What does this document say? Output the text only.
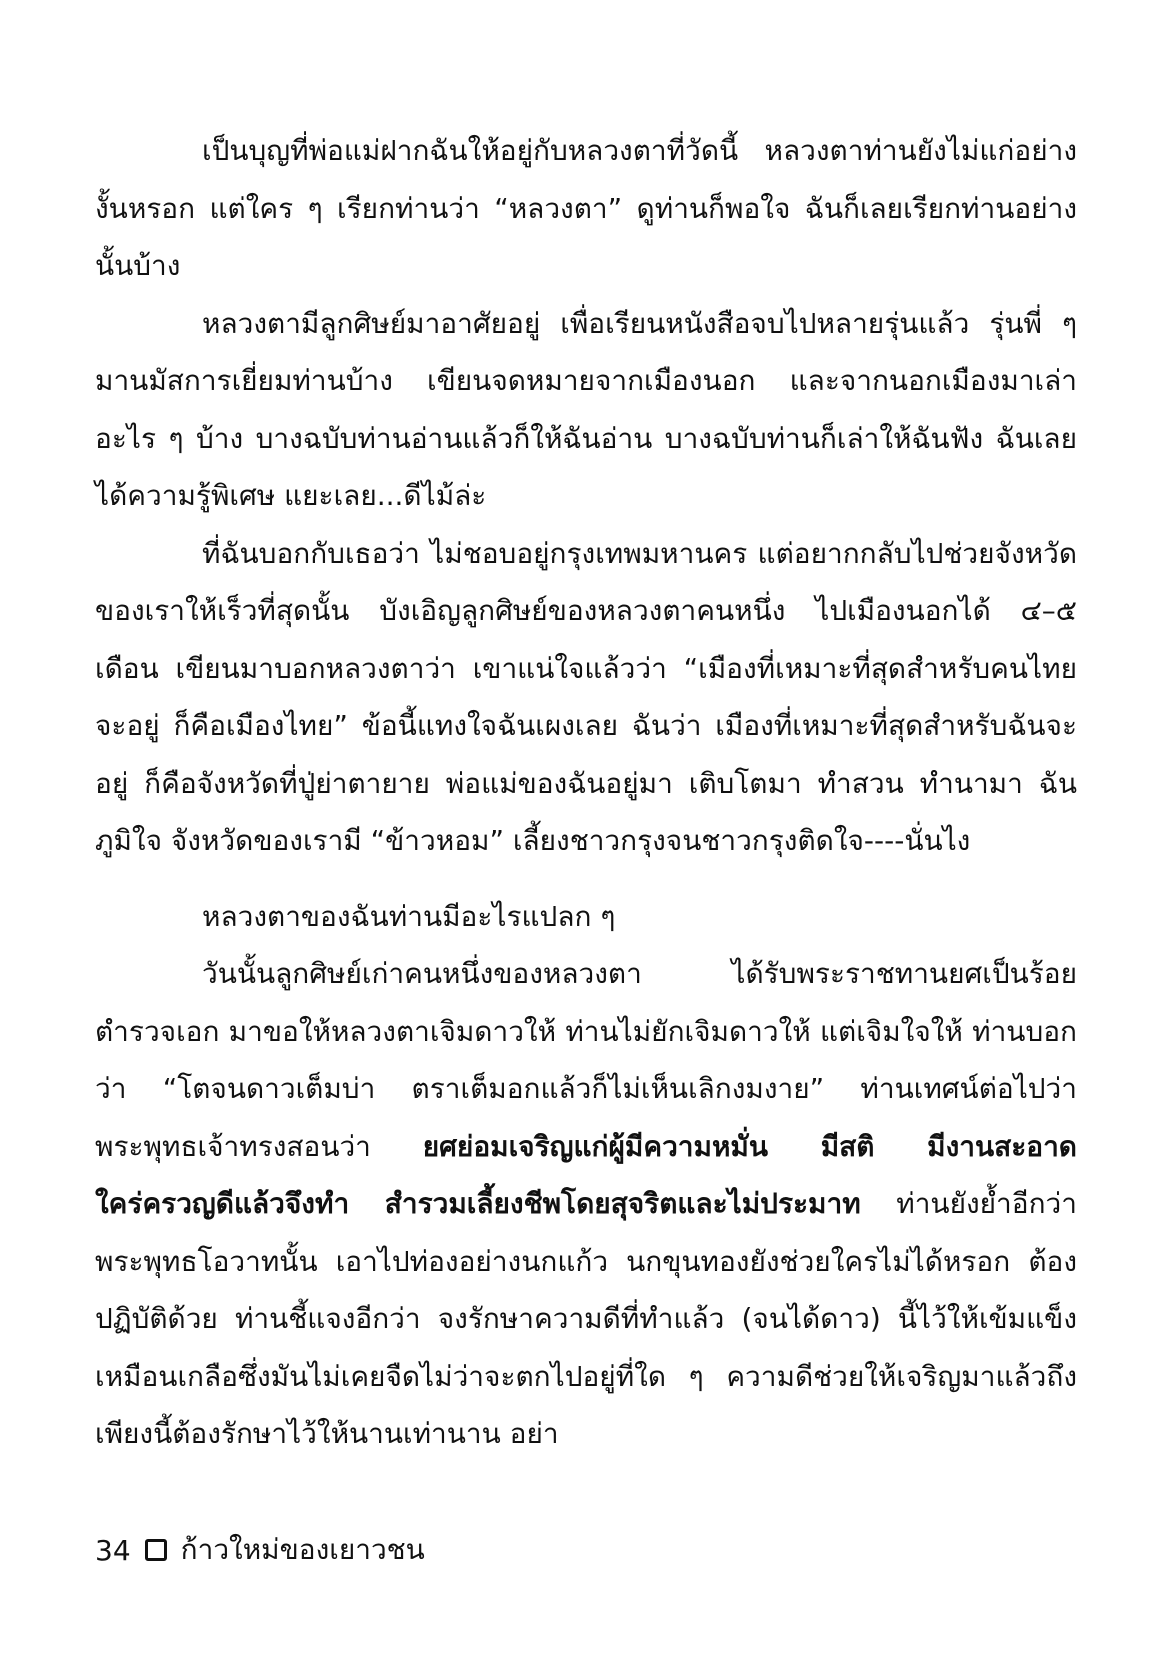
เป็นบุญที่พ่อแม่ฝากฉันให้อยู่กับหลวงตาที่วัดนี้ หลวงตาท่านยังไม่แก่อย่างงั้นหรอก แต่ใคร ๆ เรียกท่านว่า “หลวงตา” ดูท่านก็พอใจ ฉันก็เลยเรียกท่านอย่างนั้นบ้าง

หลวงตามีลูกศิษย์มาอาศัยอยู่ เพื่อเรียนหนังสือจบไปหลายรุ่นแล้ว รุ่นพี่ ๆ มานมัสการเยี่ยมท่านบ้าง เขียนจดหมายจากเมืองนอก และจากนอกเมืองมาเล่าอะไร ๆ บ้าง บางฉบับท่านอ่านแล้วก็ให้ฉันอ่าน บางฉบับท่านก็เล่าให้ฉันฟัง ฉันเลยได้ความรู้พิเศษ แยะเลย...ดีไม้ล่ะ

ที่ฉันบอกกับเธอว่า ไม่ชอบอยู่กรุงเทพมหานคร แต่อยากกลับไปช่วยจังหวัดของเราให้เร็วที่สุดนั้น บังเอิญลูกศิษย์ของหลวงตาคนหนึ่ง ไปเมืองนอกได้ ๔–๕ เดือน เขียนมาบอกหลวงตาว่า เขาแน่ใจแล้วว่า “เมืองที่เหมาะที่สุดสำหรับคนไทยจะอยู่ ก็คือเมืองไทย” ข้อนี้แทงใจฉันเผงเลย ฉันว่า เมืองที่เหมาะที่สุดสำหรับฉันจะอยู่ ก็คือจังหวัดที่ปู่ย่าตายาย พ่อแม่ของฉันอยู่มา เติบโตมา ทำสวน ทำนามา ฉันภูมิใจ จังหวัดของเรามี “ข้าวหอม” เลี้ยงชาวกรุงจนชาวกรุงติดใจ----นั่นไง

หลวงตาของฉันท่านมีอะไรแปลก ๆ

วันนั้นลูกศิษย์เก่าคนหนึ่งของหลวงตา ได้รับพระราชทานยศเป็นร้อยตำรวจเอก มาขอให้หลวงตาเจิมดาวให้ ท่านไม่ยักเจิมดาวให้ แต่เจิมใจให้ ท่านบอกว่า “โตจนดาวเต็มบ่า ตราเต็มอกแล้วก็ไม่เห็นเลิกงมงาย” ท่านเทศน์ต่อไปว่า พระพุทธเจ้าทรงสอนว่า ยศย่อมเจริญแก่ผู้มีความหมั่น มีสติ มีงานสะอาด ใคร่ครวญดีแล้วจึงทำ สำรวมเลี้ยงชีพโดยสุจริตและไม่ประมาท ท่านยังย้ำอีกว่า พระพุทธโอวาทนั้น เอาไปท่องอย่างนกแก้ว นกขุนทองยังช่วยใครไม่ได้หรอก ต้องปฏิบัติด้วย ท่านชี้แจงอีกว่า จงรักษาความดีที่ทำแล้ว (จนได้ดาว) นี้ไว้ให้เข้มแข็ง เหมือนเกลือซึ่งมันไม่เคยจืดไม่ว่าจะตกไปอยู่ที่ใด ๆ ความดีช่วยให้เจริญมาแล้วถึงเพียงนี้ต้องรักษาไว้ให้นานเท่านาน อย่า

34 ก้าวใหม่ของเยาวชน
